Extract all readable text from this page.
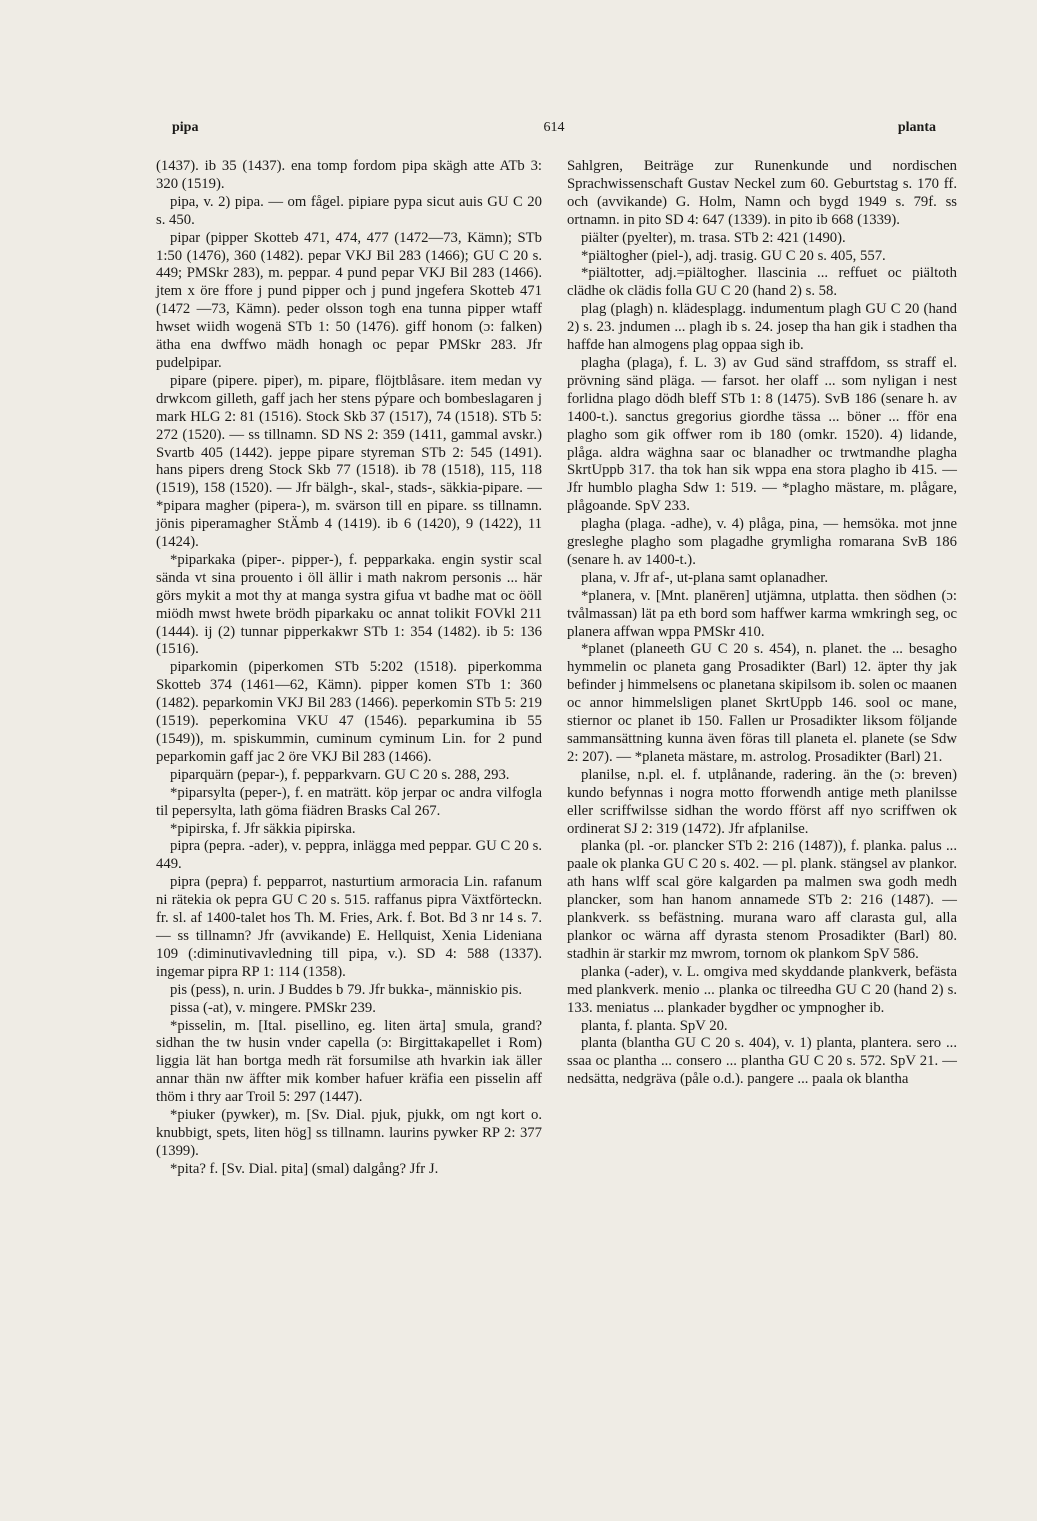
pipa	614	planta

(1437). ib 35 (1437). ena tomp fordom pipa skägh atte ATb 3: 320 (1519).

pipa, v. 2) pipa. — om fågel. pipiare pypa sicut auis GU C 20 s. 450.

pipar (pipper Skotteb 471, 474, 477 (1472—73, Kämn); STb 1:50 (1476), 360 (1482). pepar VKJ Bil 283 (1466); GU C 20 s. 449; PMSkr 283), m. peppar. 4 pund pepar VKJ Bil 283 (1466). jtem x öre ffore j pund pipper och j pund jngefera Skotteb 471 (1472 —73, Kämn). peder olsson togh ena tunna pipper wtaff hwset wiidh wogenä STb 1: 50 (1476). giff honom (ɔ: falken) ätha ena dwffwo mädh honagh oc pepar PMSkr 283. Jfr pudelpipar.

pipare (pipere. piper), m. pipare, flöjtblåsare. item medan vy drwkcom gilleth, gaff jach her stens pýpare och bombeslagaren j mark HLG 2: 81 (1516). Stock Skb 37 (1517), 74 (1518). STb 5: 272 (1520). — ss tillnamn. SD NS 2: 359 (1411, gammal avskr.) Svartb 405 (1442). jeppe pipare styreman STb 2: 545 (1491). hans pipers dreng Stock Skb 77 (1518). ib 78 (1518), 115, 118 (1519), 158 (1520). — Jfr bälgh-, skal-, stads-, säkkia-pipare. — *pipara magher (pipera-), m. svärson till en pipare. ss tillnamn. jönis piperamagher StÄmb 4 (1419). ib 6 (1420), 9 (1422), 11 (1424).

*piparkaka (piper-. pipper-), f. pepparkaka. engin systir scal sända vt sina prouento i öll ällir i math nakrom personis ... här görs mykit a mot thy at manga systra gifua vt badhe mat oc ööll miödh mwst hwete brödh piparkaku oc annat tolikit FOVkl 211 (1444). ij (2) tunnar pipperkakwr STb 1: 354 (1482). ib 5: 136 (1516).

piparkomin (piperkomen STb 5:202 (1518). piperkomma Skotteb 374 (1461—62, Kämn). pipper komen STb 1: 360 (1482). peparkomin VKJ Bil 283 (1466). peperkomin STb 5: 219 (1519). peperkomina VKU 47 (1546). peparkumina ib 55 (1549)), m. spiskummin, cuminum cyminum Lin. for 2 pund peparkomin gaff jac 2 öre VKJ Bil 283 (1466).

piparquärn (pepar-), f. pepparkvarn. GU C 20 s. 288, 293.

*piparsylta (peper-), f. en maträtt. köp jerpar oc andra vilfogla til pepersylta, lath göma fiädren Brasks Cal 267.

*pipirska, f. Jfr säkkia pipirska.

pipra (pepra. -ader), v. peppra, inlägga med peppar. GU C 20 s. 449.

pipra (pepra) f. pepparrot, nasturtium armoracia Lin. rafanum ni rätekia ok pepra GU C 20 s. 515. raffanus pipra Växtförteckn. fr. sl. af 1400-talet hos Th. M. Fries, Ark. f. Bot. Bd 3 nr 14 s. 7. — ss tillnamn? Jfr (avvikande) E. Hellquist, Xenia Lideniana 109 (:diminutivavledning till pipa, v.). SD 4: 588 (1337). ingemar pipra RP 1: 114 (1358).

pis (pess), n. urin. J Buddes b 79. Jfr bukka-, människio pis.

pissa (-at), v. mingere. PMSkr 239.

*pisselin, m. [Ital. pisellino, eg. liten ärta] smula, grand? sidhan the tw husin vnder capella (ɔ: Birgittakapellet i Rom) liggia lät han bortga medh rät forsumilse ath hvarkin iak äller annar thän nw äffter mik komber hafuer kräfia een pisselin aff thöm i thry aar Troil 5: 297 (1447).

*piuker (pywker), m. [Sv. Dial. pjuk, pjukk, om ngt kort o. knubbigt, spets, liten hög] ss tillnamn. laurins pywker RP 2: 377 (1399).

*pita? f. [Sv. Dial. pita] (smal) dalgång? Jfr J.

Sahlgren, Beiträge zur Runenkunde und nordischen Sprachwissenschaft Gustav Neckel zum 60. Geburtstag s. 170 ff. och (avvikande) G. Holm, Namn och bygd 1949 s. 79f. ss ortnamn. in pito SD 4: 647 (1339). in pito ib 668 (1339).

piälter (pyelter), m. trasa. STb 2: 421 (1490).

*piältogher (piel-), adj. trasig. GU C 20 s. 405, 557.

*piältotter, adj.=piältogher. llascinia ... reffuet oc piältoth clädhe ok clädis folla GU C 20 (hand 2) s. 58.

plag (plagh) n. klädesplagg. indumentum plagh GU C 20 (hand 2) s. 23. jndumen ... plagh ib s. 24. josep tha han gik i stadhen tha haffde han almogens plag oppaa sigh ib.

plagha (plaga), f. L. 3) av Gud sänd straffdom, ss straff el. prövning sänd pläga. — farsot. her olaff ... som nyligan i nest forlidna plago dödh bleff STb 1: 8 (1475). SvB 186 (senare h. av 1400-t.). sanctus gregorius giordhe tässa ... böner ... fför ena plagho som gik offwer rom ib 180 (omkr. 1520). 4) lidande, plåga. aldra wäghna saar oc blanadher oc trwtmandhe plagha SkrtUppb 317. tha tok han sik wppa ena stora plagho ib 415. — Jfr humblo plagha Sdw 1: 519. — *plagho mästare, m. plågare, plågoande. SpV 233.

plagha (plaga. -adhe), v. 4) plåga, pina, — hemsöka. mot jnne gresleghe plagho som plagadhe grymligha romarana SvB 186 (senare h. av 1400-t.).

plana, v. Jfr af-, ut-plana samt oplanadher.

*planera, v. [Mnt. planēren] utjämna, utplatta. then södhen (ɔ: tvålmassan) lät pa eth bord som haffwer karma wmkringh seg, oc planera affwan wppa PMSkr 410.

*planet (planeeth GU C 20 s. 454), n. planet. the ... besagho hymmelin oc planeta gang Prosadikter (Barl) 12. äpter thy jak befinder j himmelsens oc planetana skipilsom ib. solen oc maanen oc annor himmelsligen planet SkrtUppb 146. sool oc mane, stiernor oc planet ib 150. Fallen ur Prosadikter liksom följande sammansättning kunna även föras till planeta el. planete (se Sdw 2: 207). — *planeta mästare, m. astrolog. Prosadikter (Barl) 21.

planilse, n.pl. el. f. utplånande, radering. än the (ɔ: breven) kundo befynnas i nogra motto fforwendh antige meth planilsse eller scriffwilsse sidhan the wordo fförst aff nyo scriffwen ok ordinerat SJ 2: 319 (1472). Jfr afplanilse.

planka (pl. -or. plancker STb 2: 216 (1487)), f. planka. palus ... paale ok planka GU C 20 s. 402. — pl. plank. stängsel av plankor. ath hans wlff scal göre kalgarden pa malmen swa godh medh plancker, som han hanom annamede STb 2: 216 (1487). — plankverk. ss befästning. murana waro aff clarasta gul, alla plankor oc wärna aff dyrasta stenom Prosadikter (Barl) 80. stadhin är starkir mz mwrom, tornom ok plankom SpV 586.

planka (-ader), v. L. omgiva med skyddande plankverk, befästa med plankverk. menio ... planka oc tilreedha GU C 20 (hand 2) s. 133. meniatus ... plankader bygdher oc ympnogher ib.

planta, f. planta. SpV 20.

planta (blantha GU C 20 s. 404), v. 1) planta, plantera. sero ... ssaa oc plantha ... consero ... plantha GU C 20 s. 572. SpV 21. — nedsätta, nedgräva (påle o.d.). pangere ... paala ok blantha
